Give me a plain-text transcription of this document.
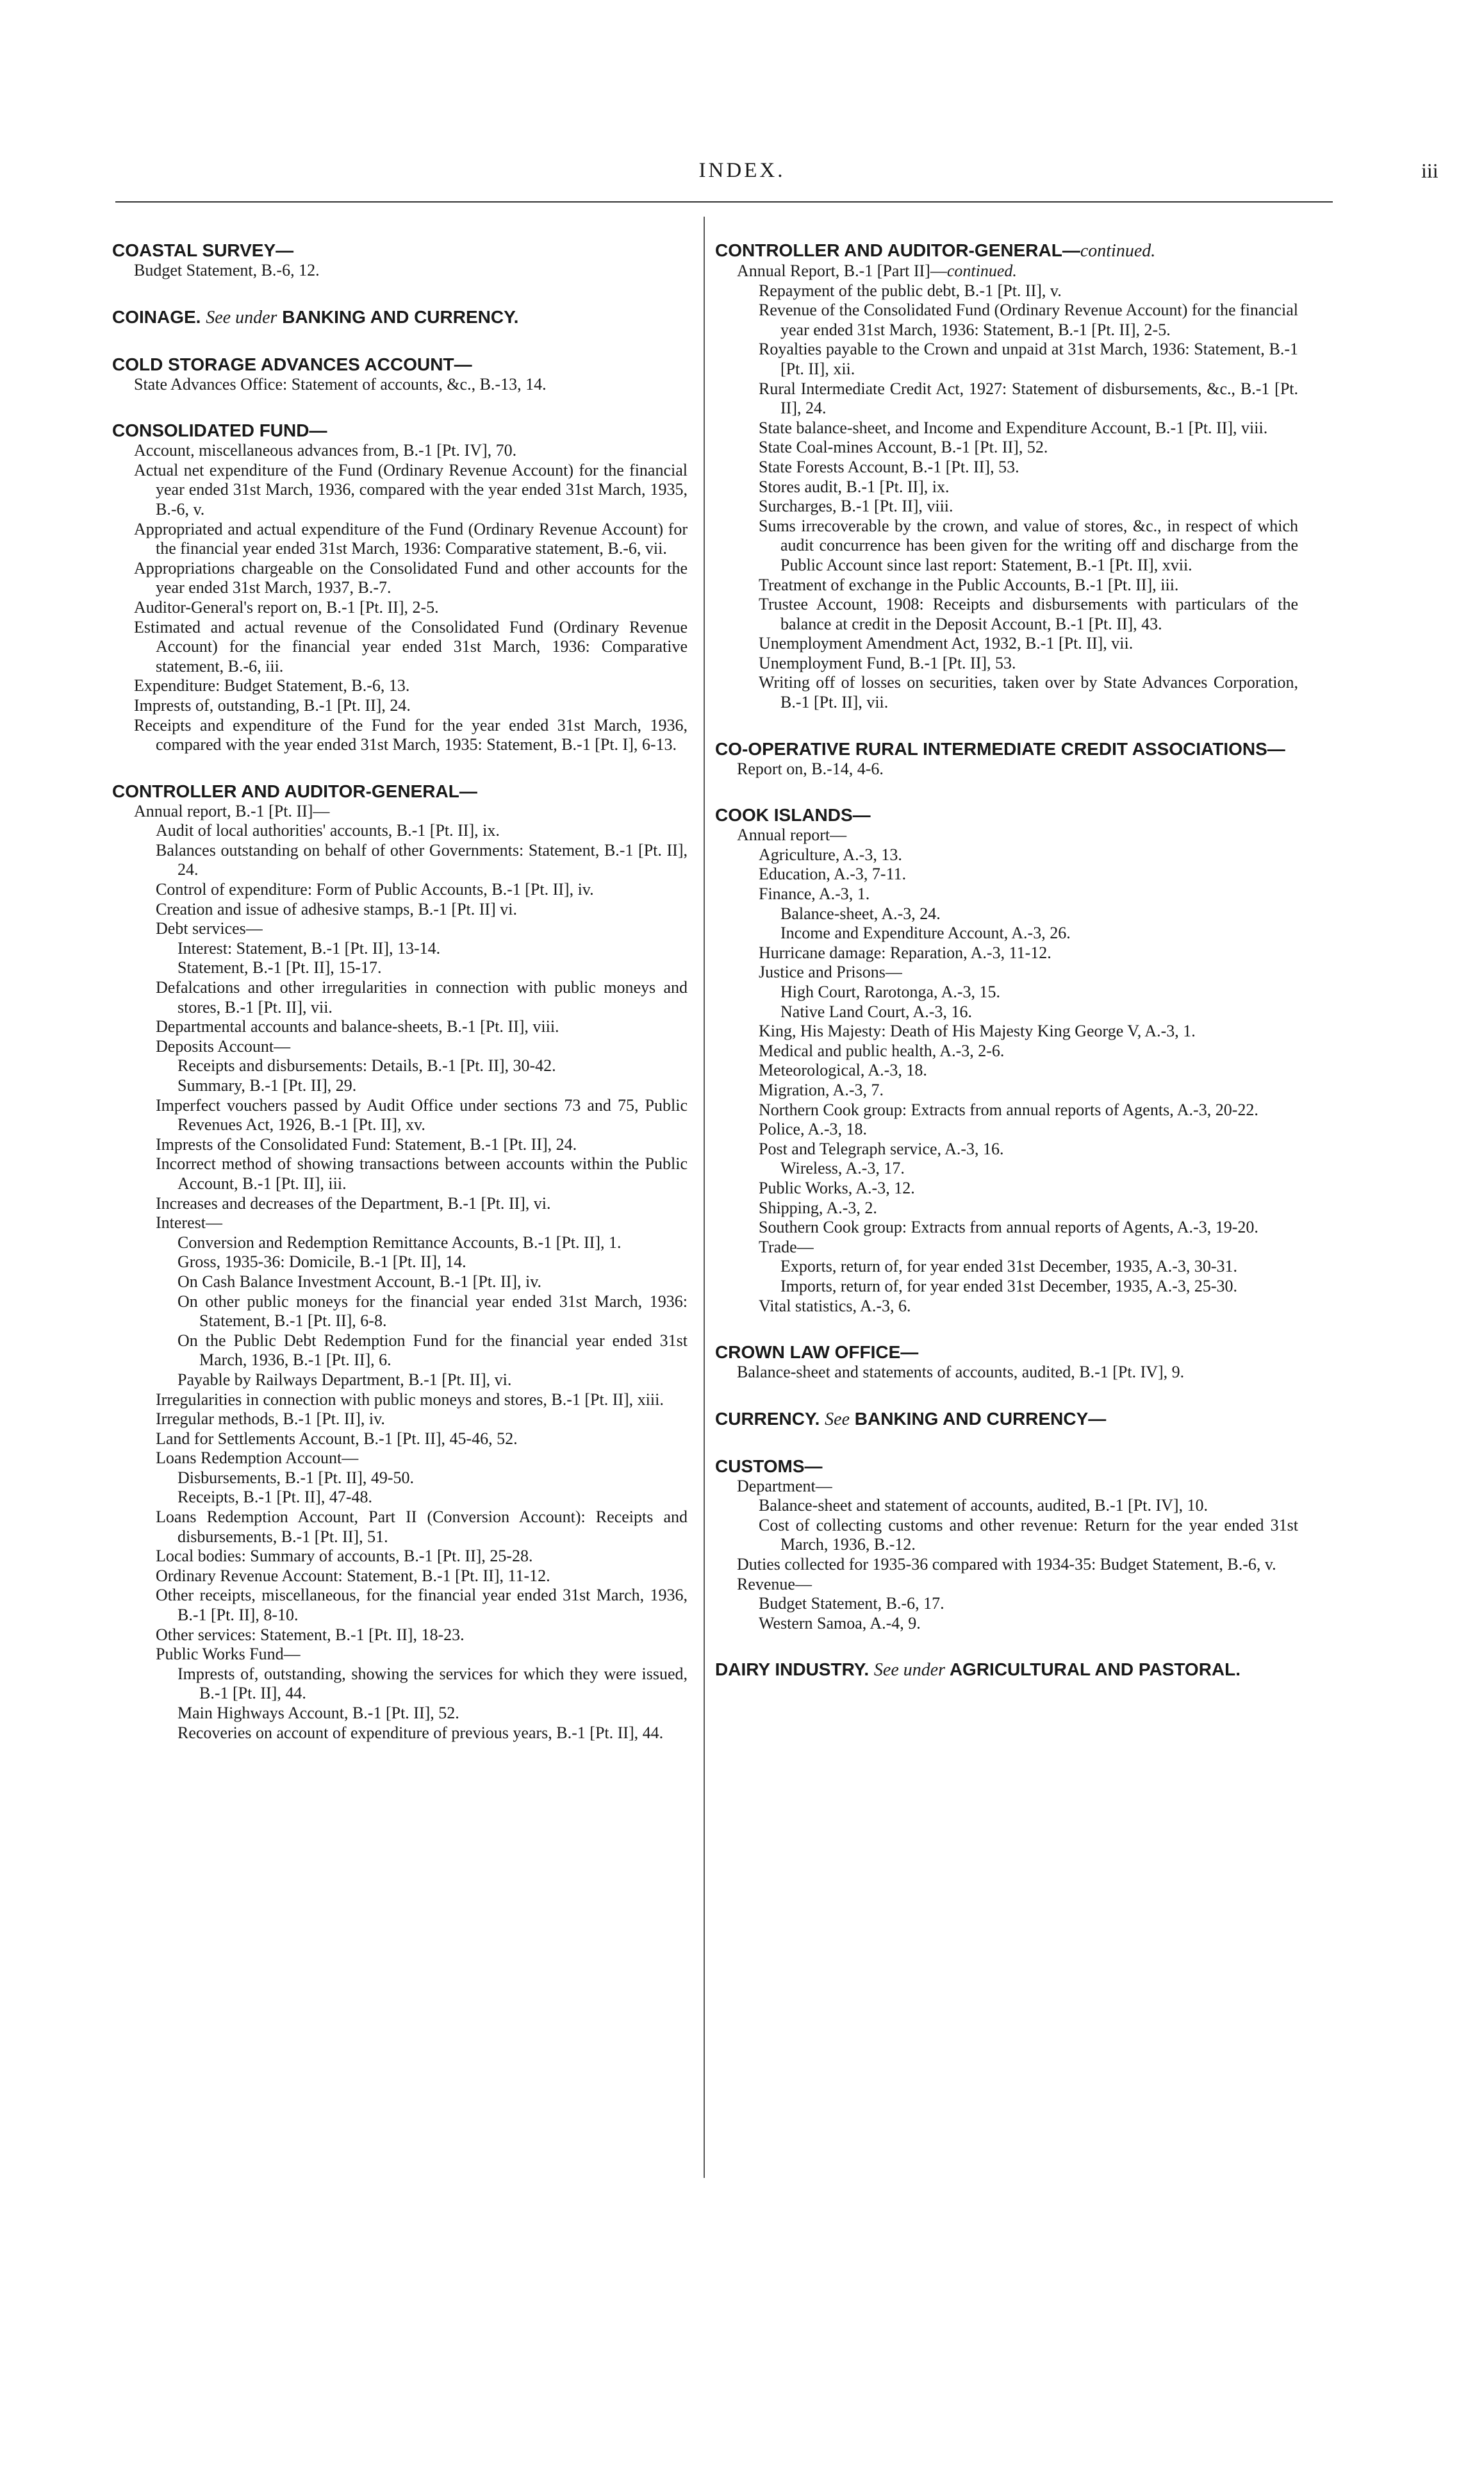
INDEX.	iii
COASTAL SURVEY—
Budget Statement, B.-6, 12.
COINAGE. See under BANKING AND CURRENCY.
COLD STORAGE ADVANCES ACCOUNT—
State Advances Office: Statement of accounts, &c., B.-13, 14.
CONSOLIDATED FUND—
Account, miscellaneous advances from, B.-1 [Pt. IV], 70.
Actual net expenditure of the Fund (Ordinary Revenue Account) for the financial year ended 31st March, 1936, compared with the year ended 31st March, 1935, B.-6, v.
Appropriated and actual expenditure of the Fund (Ordinary Revenue Account) for the financial year ended 31st March, 1936: Comparative statement, B.-6, vii.
Appropriations chargeable on the Consolidated Fund and other accounts for the year ended 31st March, 1937, B.-7.
Auditor-General's report on, B.-1 [Pt. II], 2-5.
Estimated and actual revenue of the Consolidated Fund (Ordinary Revenue Account) for the financial year ended 31st March, 1936: Comparative statement, B.-6, iii.
Expenditure: Budget Statement, B.-6, 13.
Imprests of, outstanding, B.-1 [Pt. II], 24.
Receipts and expenditure of the Fund for the year ended 31st March, 1936, compared with the year ended 31st March, 1935: Statement, B.-1 [Pt. I], 6-13.
CONTROLLER AND AUDITOR-GENERAL—
Annual report, B.-1 [Pt. II]—
Audit of local authorities' accounts, B.-1 [Pt. II], ix.
Balances outstanding on behalf of other Governments: Statement, B.-1 [Pt. II], 24.
Control of expenditure: Form of Public Accounts, B.-1 [Pt. II], iv.
Creation and issue of adhesive stamps, B.-1 [Pt. II] vi.
Debt services—
Interest: Statement, B.-1 [Pt. II], 13-14.
Statement, B.-1 [Pt. II], 15-17.
Defalcations and other irregularities in connection with public moneys and stores, B.-1 [Pt. II], vii.
Departmental accounts and balance-sheets, B.-1 [Pt. II], viii.
Deposits Account—
Receipts and disbursements: Details, B.-1 [Pt. II], 30-42.
Summary, B.-1 [Pt. II], 29.
Imperfect vouchers passed by Audit Office under sections 73 and 75, Public Revenues Act, 1926, B.-1 [Pt. II], xv.
Imprests of the Consolidated Fund: Statement, B.-1 [Pt. II], 24.
Incorrect method of showing transactions between accounts within the Public Account, B.-1 [Pt. II], iii.
Increases and decreases of the Department, B.-1 [Pt. II], vi.
Interest—
Conversion and Redemption Remittance Accounts, B.-1 [Pt. II], 1.
Gross, 1935-36: Domicile, B.-1 [Pt. II], 14.
On Cash Balance Investment Account, B.-1 [Pt. II], iv.
On other public moneys for the financial year ended 31st March, 1936: Statement, B.-1 [Pt. II], 6-8.
On the Public Debt Redemption Fund for the financial year ended 31st March, 1936, B.-1 [Pt. II], 6.
Payable by Railways Department, B.-1 [Pt. II], vi.
Irregularities in connection with public moneys and stores, B.-1 [Pt. II], xiii.
Irregular methods, B.-1 [Pt. II], iv.
Land for Settlements Account, B.-1 [Pt. II], 45-46, 52.
Loans Redemption Account—
Disbursements, B.-1 [Pt. II], 49-50.
Receipts, B.-1 [Pt. II], 47-48.
Loans Redemption Account, Part II (Conversion Account): Receipts and disbursements, B.-1 [Pt. II], 51.
Local bodies: Summary of accounts, B.-1 [Pt. II], 25-28.
Ordinary Revenue Account: Statement, B.-1 [Pt. II], 11-12.
Other receipts, miscellaneous, for the financial year ended 31st March, 1936, B.-1 [Pt. II], 8-10.
Other services: Statement, B.-1 [Pt. II], 18-23.
Public Works Fund—
Imprests of, outstanding, showing the services for which they were issued, B.-1 [Pt. II], 44.
Main Highways Account, B.-1 [Pt. II], 52.
Recoveries on account of expenditure of previous years, B.-1 [Pt. II], 44.
CONTROLLER AND AUDITOR-GENERAL—continued.
Annual Report, B.-1 [Part II]—continued.
Repayment of the public debt, B.-1 [Pt. II], v.
Revenue of the Consolidated Fund (Ordinary Revenue Account) for the financial year ended 31st March, 1936: Statement, B.-1 [Pt. II], 2-5.
Royalties payable to the Crown and unpaid at 31st March, 1936: Statement, B.-1 [Pt. II], xii.
Rural Intermediate Credit Act, 1927: Statement of disbursements, &c., B.-1 [Pt. II], 24.
State balance-sheet, and Income and Expenditure Account, B.-1 [Pt. II], viii.
State Coal-mines Account, B.-1 [Pt. II], 52.
State Forests Account, B.-1 [Pt. II], 53.
Stores audit, B.-1 [Pt. II], ix.
Surcharges, B.-1 [Pt. II], viii.
Sums irrecoverable by the crown, and value of stores, &c., in respect of which audit concurrence has been given for the writing off and discharge from the Public Account since last report: Statement, B.-1 [Pt. II], xvii.
Treatment of exchange in the Public Accounts, B.-1 [Pt. II], iii.
Trustee Account, 1908: Receipts and disbursements with particulars of the balance at credit in the Deposit Account, B.-1 [Pt. II], 43.
Unemployment Amendment Act, 1932, B.-1 [Pt. II], vii.
Unemployment Fund, B.-1 [Pt. II], 53.
Writing off of losses on securities, taken over by State Advances Corporation, B.-1 [Pt. II], vii.
CO-OPERATIVE RURAL INTERMEDIATE CREDIT ASSOCIATIONS—
Report on, B.-14, 4-6.
COOK ISLANDS—
Annual report—
Agriculture, A.-3, 13.
Education, A.-3, 7-11.
Finance, A.-3, 1.
Balance-sheet, A.-3, 24.
Income and Expenditure Account, A.-3, 26.
Hurricane damage: Reparation, A.-3, 11-12.
Justice and Prisons—
High Court, Rarotonga, A.-3, 15.
Native Land Court, A.-3, 16.
King, His Majesty: Death of His Majesty King George V, A.-3, 1.
Medical and public health, A.-3, 2-6.
Meteorological, A.-3, 18.
Migration, A.-3, 7.
Northern Cook group: Extracts from annual reports of Agents, A.-3, 20-22.
Police, A.-3, 18.
Post and Telegraph service, A.-3, 16.
Wireless, A.-3, 17.
Public Works, A.-3, 12.
Shipping, A.-3, 2.
Southern Cook group: Extracts from annual reports of Agents, A.-3, 19-20.
Trade—
Exports, return of, for year ended 31st December, 1935, A.-3, 30-31.
Imports, return of, for year ended 31st December, 1935, A.-3, 25-30.
Vital statistics, A.-3, 6.
CROWN LAW OFFICE—
Balance-sheet and statements of accounts, audited, B.-1 [Pt. IV], 9.
CURRENCY. See BANKING AND CURRENCY—
CUSTOMS—
Department—
Balance-sheet and statement of accounts, audited, B.-1 [Pt. IV], 10.
Cost of collecting customs and other revenue: Return for the year ended 31st March, 1936, B.-12.
Duties collected for 1935-36 compared with 1934-35: Budget Statement, B.-6, v.
Revenue—
Budget Statement, B.-6, 17.
Western Samoa, A.-4, 9.
DAIRY INDUSTRY. See under AGRICULTURAL AND PASTORAL.
